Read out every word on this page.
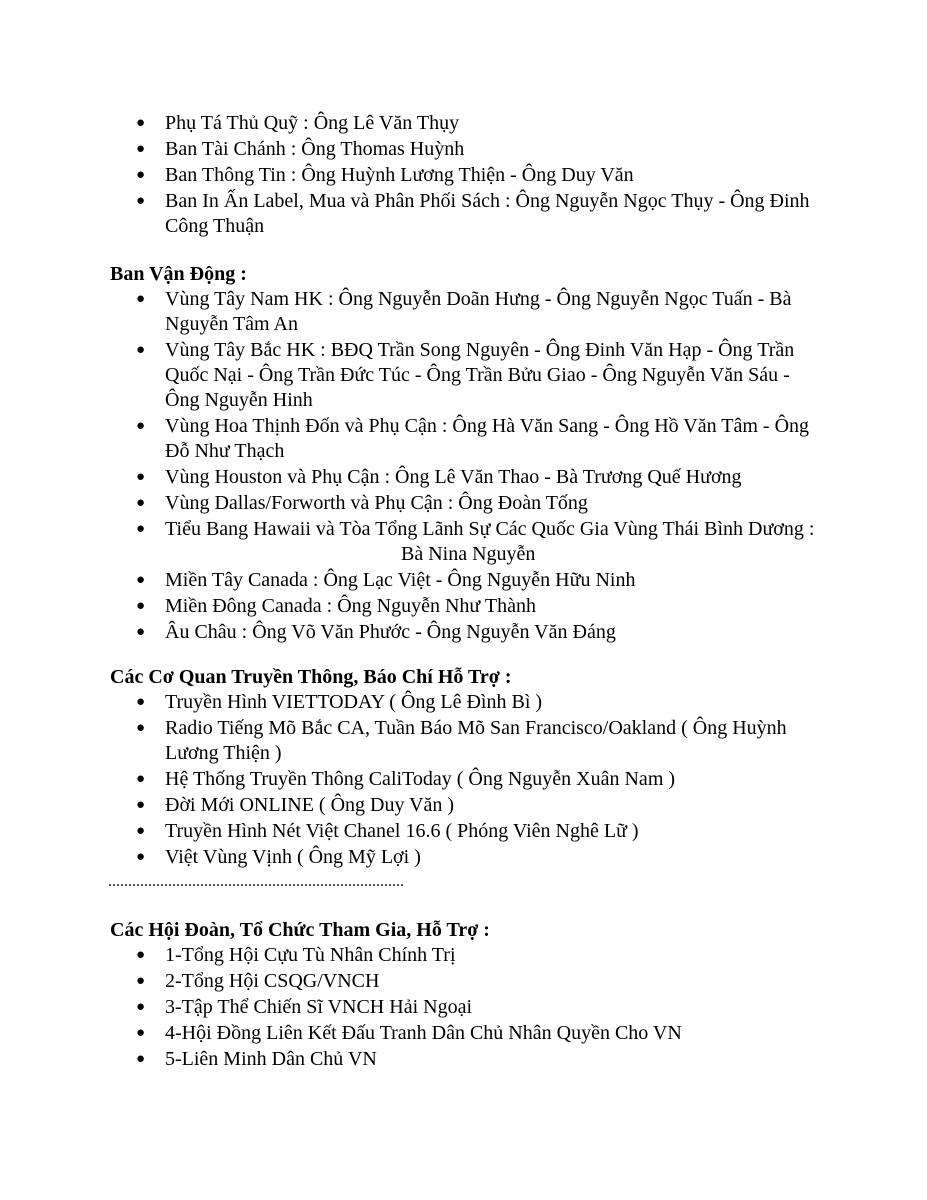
● Phụ Tá Thủ Quỹ : Ông Lê Văn Thụy
● Ban Tài Chánh : Ông Thomas Huỳnh
● Ban Thông Tin : Ông Huỳnh Lương Thiện - Ông Duy Văn
● Ban In Ấn Label, Mua và Phân Phối Sách : Ông Nguyễn Ngọc Thụy - Ông Đinh Công Thuận

Ban Vận Động :

● Vùng Tây Nam HK : Ông Nguyễn Doãn Hưng - Ông Nguyễn Ngọc Tuấn - Bà Nguyễn Tâm An
● Vùng Tây Bắc HK : BĐQ Trần Song Nguyên - Ông Đinh Văn Hạp - Ông Trần Quốc Nại - Ông Trần Đức Túc - Ông Trần Bửu Giao - Ông Nguyễn Văn Sáu - Ông Nguyễn Hinh
● Vùng Hoa Thịnh Đốn và Phụ Cận : Ông Hà Văn Sang - Ông Hồ Văn Tâm - Ông Đỗ Như Thạch
● Vùng Houston và Phụ Cận : Ông Lê Văn Thao - Bà Trương Quế Hương
● Vùng Dallas/Forworth và Phụ Cận : Ông Đoàn Tống
● Tiểu Bang Hawaii và Tòa Tổng Lãnh Sự Các Quốc Gia Vùng Thái Bình Dương :Bà Nina Nguyễn
● Miền Tây Canada : Ông Lạc Việt - Ông Nguyễn Hữu Ninh
● Miền Đông Canada : Ông Nguyễn Như Thành
● Âu Châu : Ông Võ Văn Phước - Ông Nguyễn Văn Đáng

Các Cơ Quan Truyền Thông, Báo Chí Hỗ Trợ :

● Truyền Hình VIETTODAY ( Ông Lê Đình Bì )
● Radio Tiếng Mõ Bắc CA, Tuần Báo Mõ San Francisco/Oakland ( Ông Huỳnh Lương Thiện )
● Hệ Thống Truyền Thông CaliToday ( Ông Nguyễn Xuân Nam )
● Đời Mới ONLINE ( Ông Duy Văn )
● Truyền Hình Nét Việt Chanel 16.6 ( Phóng Viên Nghê Lữ )
● Việt Vùng Vịnh ( Ông Mỹ Lợi )
..........................................................................

Các Hội Đoàn, Tổ Chức Tham Gia, Hỗ Trợ :

● 1-Tổng Hội Cựu Tù Nhân Chính Trị
● 2-Tổng Hội CSQG/VNCH
● 3-Tập Thể Chiến Sĩ VNCH Hải Ngoại
● 4-Hội Đồng Liên Kết Đấu Tranh Dân Chủ Nhân Quyền Cho VN
● 5-Liên Minh Dân Chủ VN
